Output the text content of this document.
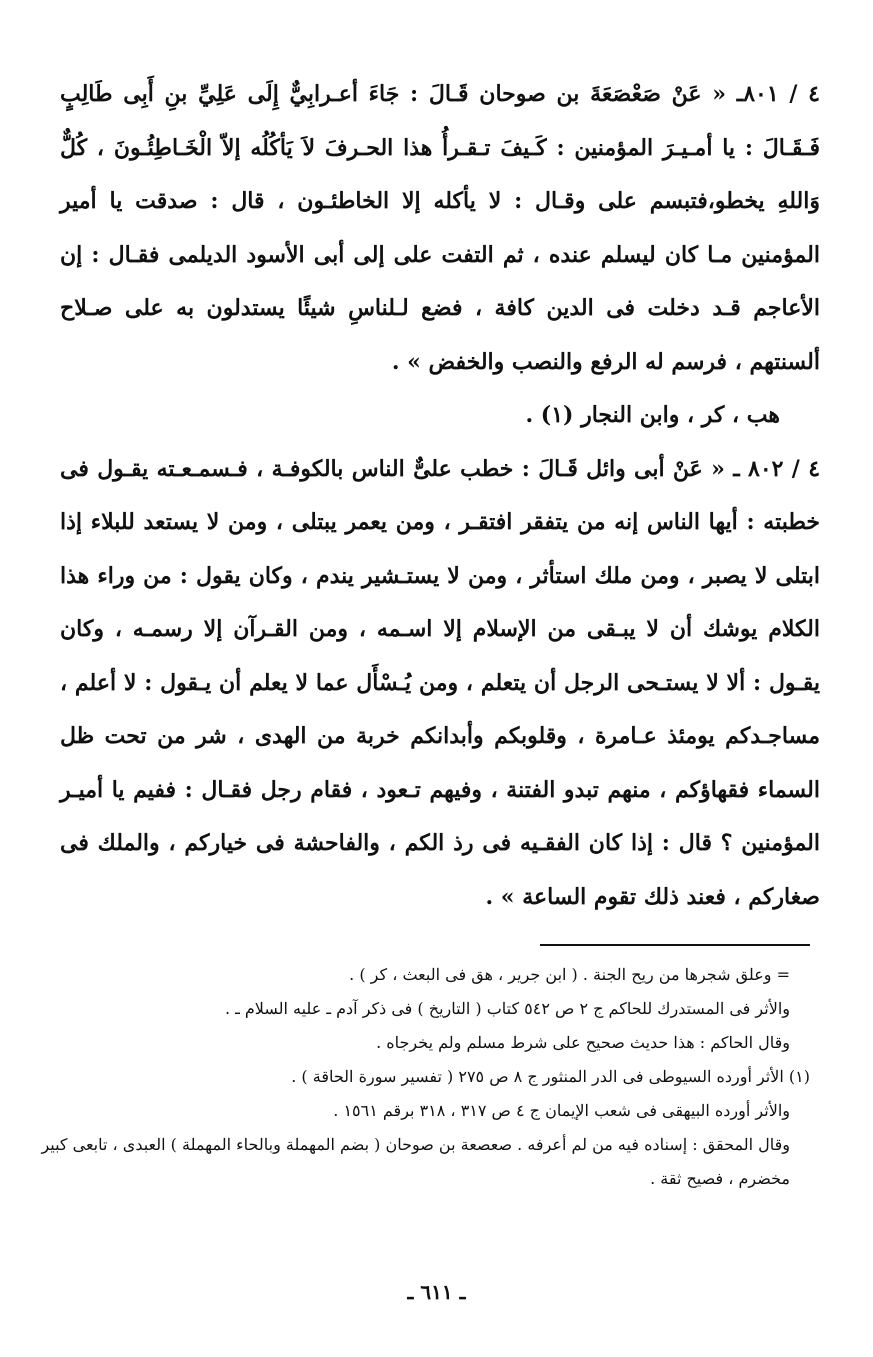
٤ / ٨٠١ـ « عَنْ صَعْصَعَةَ بن صوحان قَـالَ : جَاءَ أعـرابِيٌّ إِلَى عَلِيِّ بنِ أَبِى طَالِبٍ فَـقَـالَ : يا أمـيـرَ المؤمنين : كَـيفَ تـقـرأُ هذا الحـرفَ لاَ يَأكُلُه إلاّ الْخَـاطِئُـونَ ، كُلٌّ وَاللهِ يخطو،فتبسم على وقـال : لا يأكله إلا الخاطئـون ، قال : صدقت يا أمير المؤمنين مـا كان ليسلم عنده ، ثم التفت على إلى أبى الأسود الديلمى فقـال : إن الأعاجم قـد دخلت فى الدين كافة ، فضع لـلناسِ شيئًا يستدلون به على صـلاح ألسنتهم ، فرسم له الرفع والنصب والخفض » .

هب ، كر ، وابن النجار (١) .

٤ / ٨٠٢ ـ « عَنْ أبى وائل قَـالَ : خطب علىٌّ الناس بالكوفـة ، فـسمـعـته يقـول فى خطبته : أيها الناس إنه من يتفقر افتقـر ، ومن يعمر يبتلى ، ومن لا يستعد للبلاء إذا ابتلى لا يصبر ، ومن ملك استأثر ، ومن لا يستـشير يندم ، وكان يقول : من وراء هذا الكلام يوشك أن لا يبـقى من الإسلام إلا اسـمه ، ومن القـرآن إلا رسمـه ، وكان يقـول : ألا لا يستـحى الرجل أن يتعلم ، ومن يُـسْأَل عما لا يعلم أن يـقول : لا أعلم ، مساجـدكم يومئذ عـامرة ، وقلوبكم وأبدانكم خربة من الهدى ، شر من تحت ظل السماء فقهاؤكم ، منهم تبدو الفتنة ، وفيهم تـعود ، فقام رجل فقـال : ففيم يا أميـر المؤمنين ؟ قال : إذا كان الفقـيه فى رذ الكم ، والفاحشة فى خياركم ، والملك فى صغاركم ، فعند ذلك تقوم الساعة » .

= وعلق شجرها من ريح الجنة . ( ابن جرير ، هق فى البعث ، كر ) .

والأثر فى المستدرك للحاكم ج ٢ ص ٥٤٢ كتاب ( التاريخ ) فى ذكر آدم ـ عليه السلام ـ .

وقال الحاكم : هذا حديث صحيح على شرط مسلم ولم يخرجاه .

(١) الأثر أورده السيوطى فى الدر المنثور ج ٨ ص ٢٧٥ ( تفسير سورة الحاقة ) .

والأثر أورده البيهقى فى شعب الإيمان ج ٤ ص ٣١٧ ، ٣١٨ برقم ١٥٦١ .

وقال المحقق : إسناده فيه من لم أعرفه . صعصعة بن صوحان ( بضم المهملة وبالحاء المهملة ) العبدى ، تابعى كبير مخضرم ، فصيح ثقة .

ـ ٦١١ ـ
